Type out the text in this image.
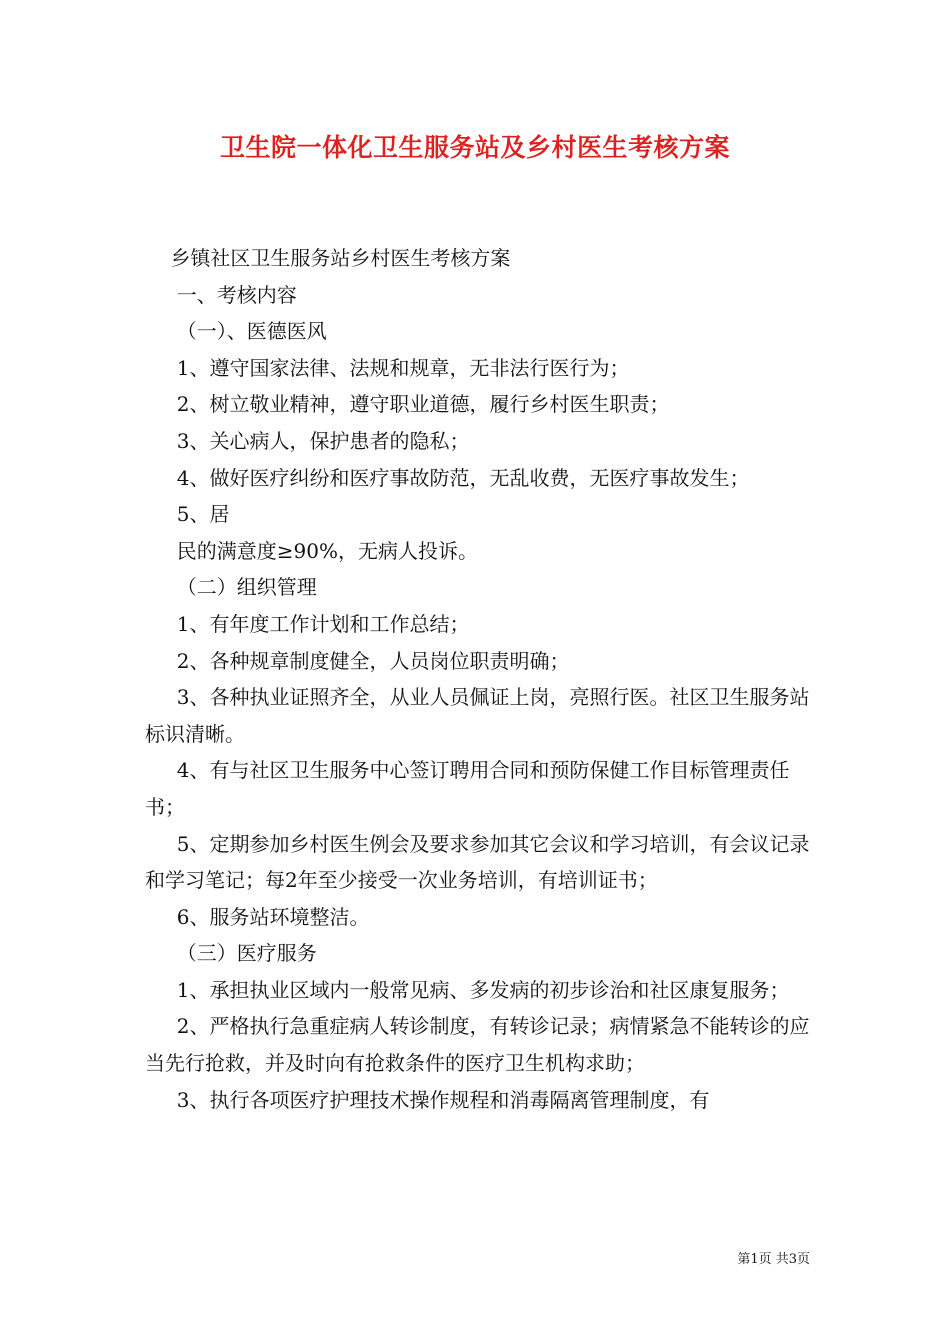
卫生院一体化卫生服务站及乡村医生考核方案

乡镇社区卫生服务站乡村医生考核方案

一、考核内容

（一）、医德医风

1、遵守国家法律、法规和规章，无非法行医行为；

2、树立敬业精神，遵守职业道德，履行乡村医生职责；

3、关心病人，保护患者的隐私；

4、做好医疗纠纷和医疗事故防范，无乱收费，无医疗事故发生；

5、居

民的满意度≥90%，无病人投诉。

（二）组织管理

1、有年度工作计划和工作总结；

2、各种规章制度健全，人员岗位职责明确；

3、各种执业证照齐全，从业人员佩证上岗，亮照行医。社区卫生服务站标识清晰。

4、有与社区卫生服务中心签订聘用合同和预防保健工作目标管理责任书；

5、定期参加乡村医生例会及要求参加其它会议和学习培训，有会议记录和学习笔记；每2年至少接受一次业务培训，有培训证书；

6、服务站环境整洁。

（三）医疗服务

1、承担执业区域内一般常见病、多发病的初步诊治和社区康复服务；

2、严格执行急重症病人转诊制度，有转诊记录；病情紧急不能转诊的应当先行抢救，并及时向有抢救条件的医疗卫生机构求助；

3、执行各项医疗护理技术操作规程和消毒隔离管理制度，有

第1页 共3页
